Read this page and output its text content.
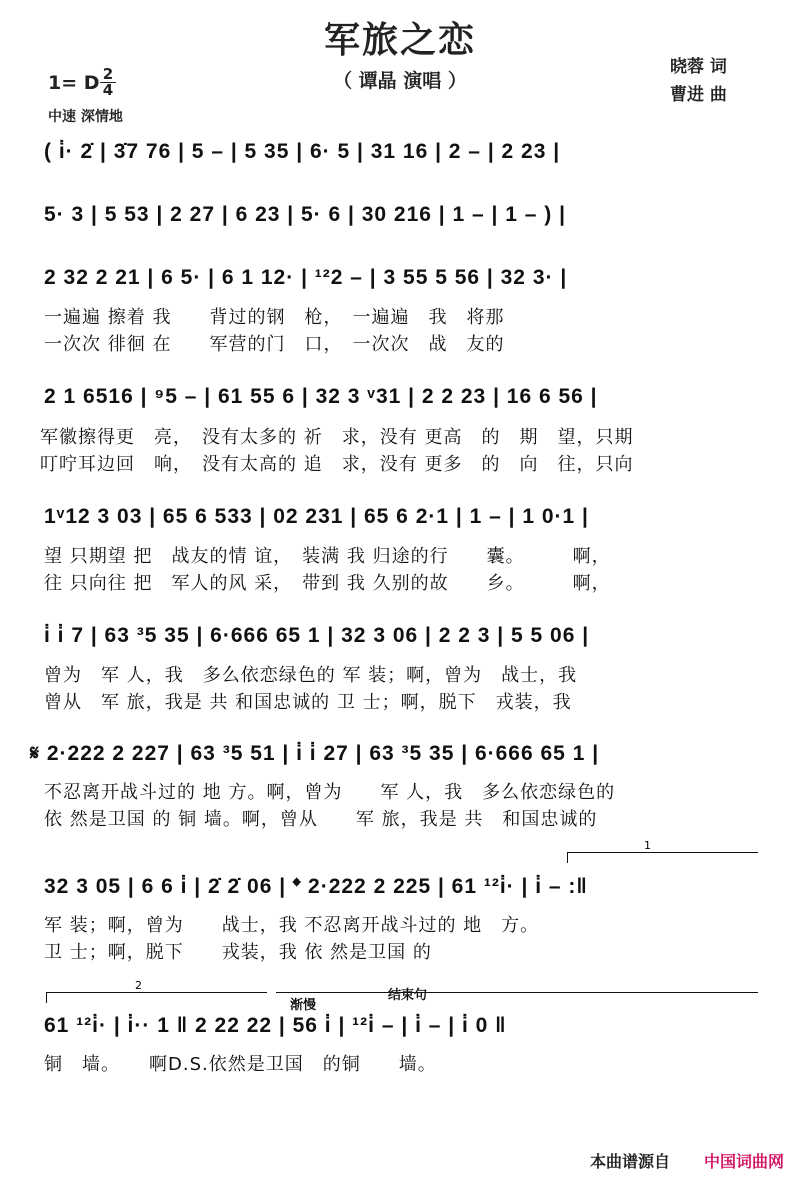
军旅之恋
（ 谭晶 演唱 ）
晓蓉 词
曹进 曲
1= D 2
4
中速 深情地
( i̇· 2̇ | 3̇7 76 | 5 – | 5 35 | 6· 5 | 31 16 | 2 – | 2 23 |
5· 3 | 5 53 | 2 27 | 6 23 | 5· 6 | 30 216 | 1 – | 1 – ) |
2 32 2 21 | 6 5· | 6 1 12· | ¹²2 – | 3 55 5 56 | 32 3· |
一遍遍 擦着 我　　背过的钢　枪，　一遍遍　我　将那
一次次 徘徊 在　　军营的门　口，　一次次　战　友的
2 1 6516 | ⁹5 – | 61 55 6 | 32 3 ᵛ31 | 2 2 23 | 16 6 56 |
军徽擦得更　亮，　没有太多的 祈　求，没有 更高　的　期　望，只期
叮咛耳边回　响，　没有太高的 追　求，没有 更多　的　向　往，只向
1ᵛ12 3 03 | 65 6 533 | 02 231 | 65 6 2·1 | 1 – | 1 0·1 |
望 只期望 把　战友的情 谊，　装满 我 归途的行　　囊。　　　啊，
往 只向往 把　军人的风 采，　带到 我 久别的故　　乡。　　　啊，
i̇ i̇ 7 | 63 ³5 35 | 6·666 65 1 | 32 3 06 | 2 2 3 | 5 5 06 |
曾为　军 人，我　多么依恋绿色的 军 装；啊，曾为　战士，我
曾从　军 旅，我是 共 和国忠诚的 卫 士；啊，脱下　戎装，我
𝄋 2·222 2 227 | 63 ³5 51 | i̇ i̇ 27 | 63 ³5 35 | 6·666 65 1 |
不忍离开战斗过的 地 方。啊，曾为　　军 人，我　多么依恋绿色的
依 然是卫国 的 铜 墙。啊，曾从　　军 旅，我是 共　和国忠诚的
1
32 3 05 | 6 6 i̇ | 2̇ 2̇ 06 | 𝄌 2·222 2 225 | 61 ¹²i̇· | i̇ – :‖
军 装；啊，曾为　　战士，我 不忍离开战斗过的 地　方。
卫 士；啊，脱下　　戎装，我 依 然是卫国 的
2
渐慢
结束句
61 ¹²i̇· | i̇·· 1 ‖ 2 22 22 | 56 i̇ | ¹²i̇ – | i̇ – | i̇ 0 ‖
铜　墙。　　啊D.S.依然是卫国　的铜　　墙。
本曲谱源自 中国词曲网
